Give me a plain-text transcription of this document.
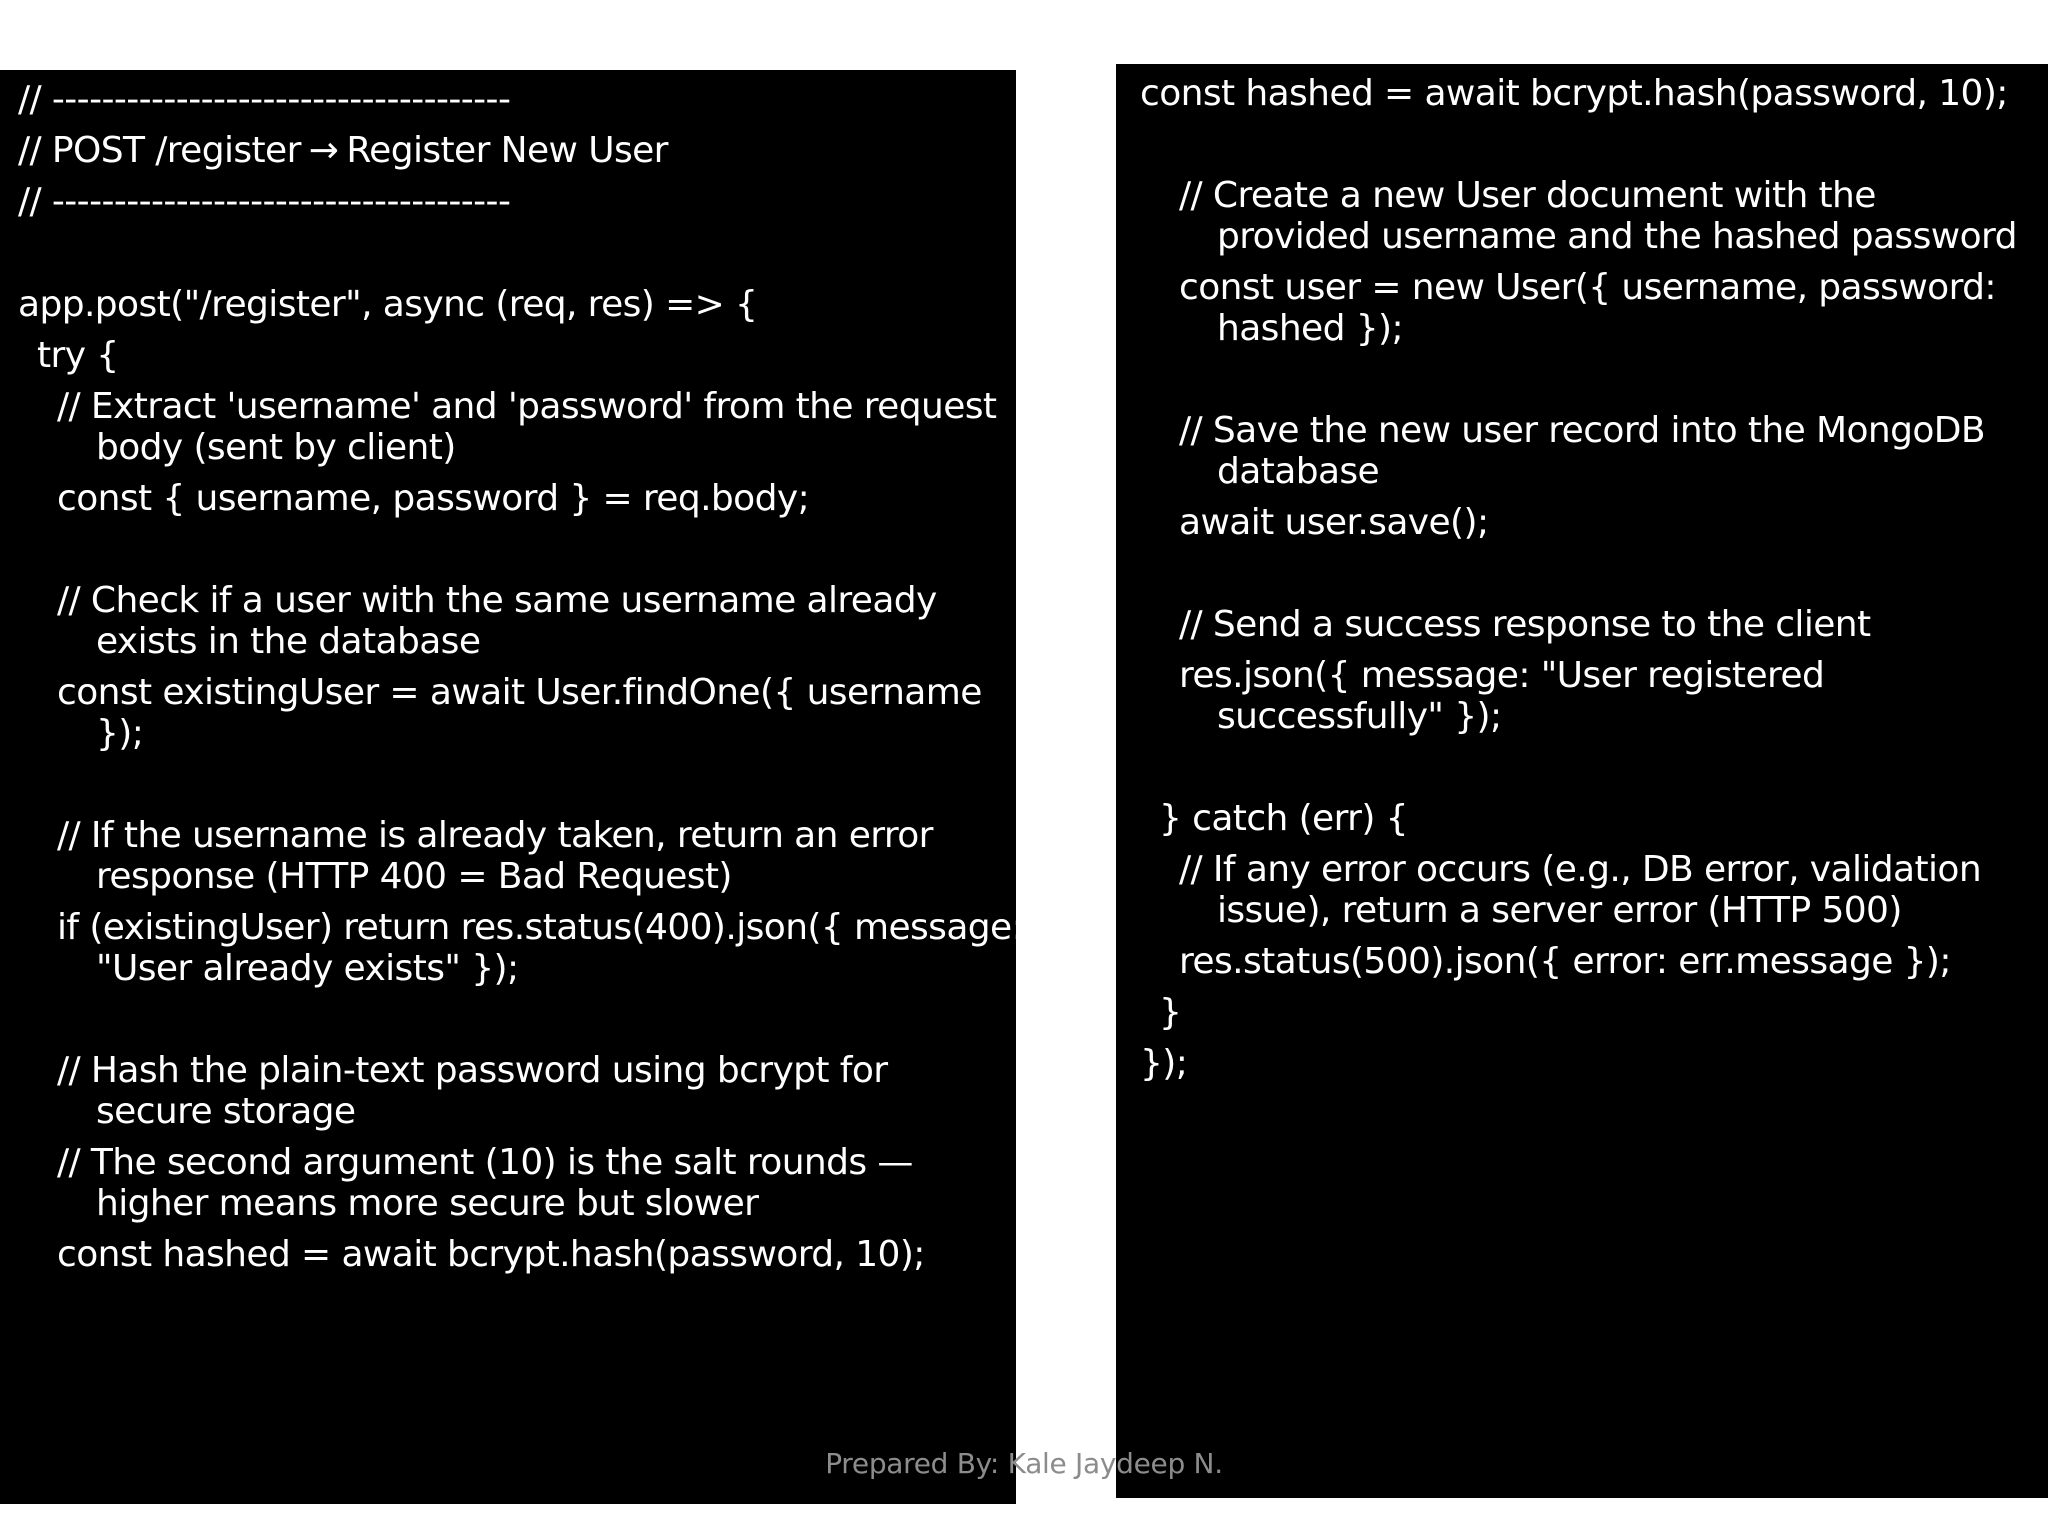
// -------------------------------------
// POST /register → Register New User
// -------------------------------------
app.post("/register", async (req, res) => {
try {
// Extract 'username' and 'password' from the request
body (sent by client)
const { username, password } = req.body;
// Check if a user with the same username already
exists in the database
const existingUser = await User.findOne({ username
});
// If the username is already taken, return an error
response (HTTP 400 = Bad Request)
if (existingUser) return res.status(400).json({ message:
"User already exists" });
// Hash the plain-text password using bcrypt for
secure storage
// The second argument (10) is the salt rounds —
higher means more secure but slower
const hashed = await bcrypt.hash(password, 10);
const hashed = await bcrypt.hash(password, 10);
// Create a new User document with the
provided username and the hashed password
const user = new User({ username, password:
hashed });
// Save the new user record into the MongoDB
database
await user.save();
// Send a success response to the client
res.json({ message: "User registered
successfully" });
} catch (err) {
// If any error occurs (e.g., DB error, validation
issue), return a server error (HTTP 500)
res.status(500).json({ error: err.message });
}
});
Prepared By: Kale Jaydeep N.
